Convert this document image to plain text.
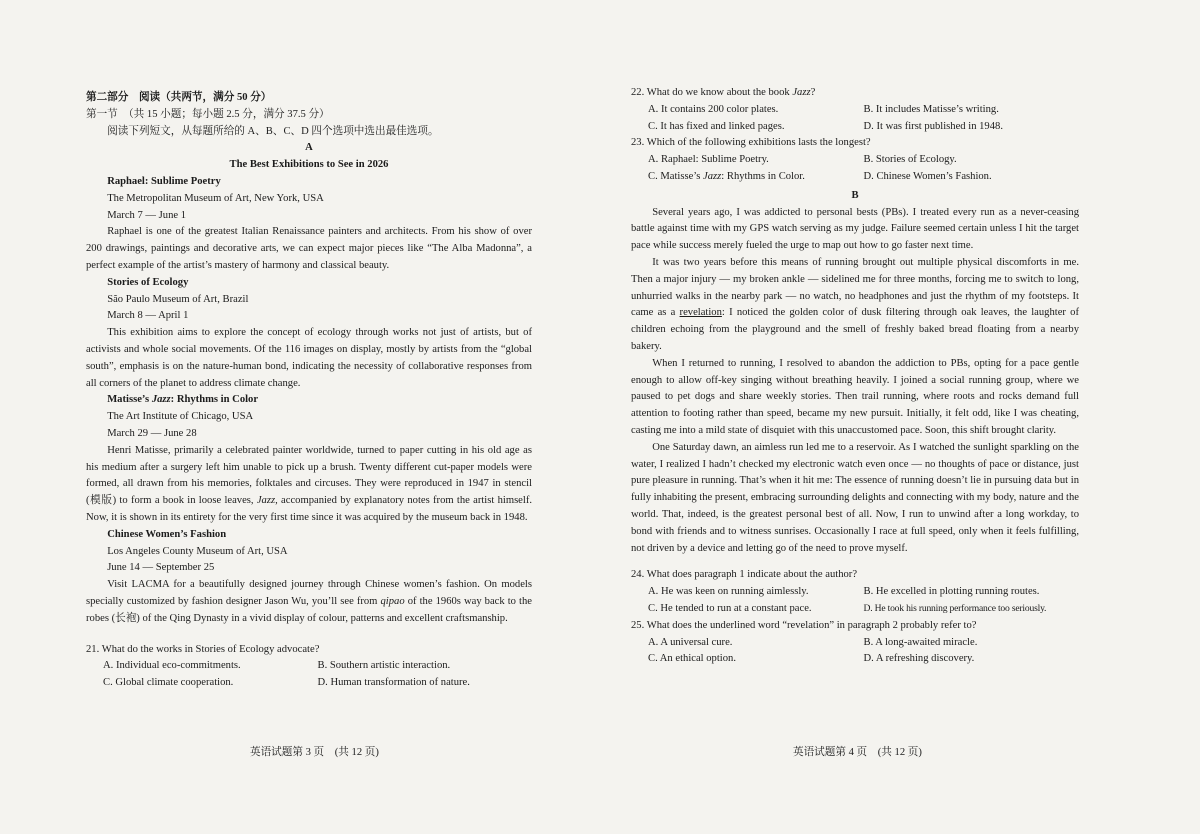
第二部分　阅读（共两节，满分 50 分）

第一节　（共 15 小题；每小题 2.5 分，满分 37.5 分）

阅读下列短文，从每题所给的 A、B、C、D 四个选项中选出最佳选项。

A

The Best Exhibitions to See in 2026

Raphael: Sublime Poetry

The Metropolitan Museum of Art, New York, USA

March 7 — June 1

Raphael is one of the greatest Italian Renaissance painters and architects. From his show of over 200 drawings, paintings and decorative arts, we can expect major pieces like “The Alba Madonna”, a perfect example of the artist’s mastery of harmony and classical beauty.

Stories of Ecology

São Paulo Museum of Art, Brazil

March 8 — April 1

This exhibition aims to explore the concept of ecology through works not just of artists, but of activists and whole social movements. Of the 116 images on display, mostly by artists from the “global south”, emphasis is on the nature-human bond, indicating the necessity of collaborative responses from all corners of the planet to address climate change.

Matisse’s Jazz: Rhythms in Color

The Art Institute of Chicago, USA

March 29 — June 28

Henri Matisse, primarily a celebrated painter worldwide, turned to paper cutting in his old age as his medium after a surgery left him unable to pick up a brush. Twenty different cut-paper models were formed, all drawn from his memories, folktales and circuses. They were reproduced in 1947 in stencil (模版) to form a book in loose leaves, Jazz, accompanied by explanatory notes from the artist himself. Now, it is shown in its entirety for the very first time since it was acquired by the museum back in 1948.

Chinese Women’s Fashion

Los Angeles County Museum of Art, USA

June 14 — September 25

Visit LACMA for a beautifully designed journey through Chinese women’s fashion. On models specially customized by fashion designer Jason Wu, you’ll see from qipao of the 1960s way back to the robes (长袍) of the Qing Dynasty in a vivid display of colour, patterns and excellent craftsmanship.

21. What do the works in Stories of Ecology advocate?

A. Individual eco-commitments.	B. Southern artistic interaction.
C. Global climate cooperation.	D. Human transformation of nature.
英语试题第 3 页　(共 12 页)

22. What do we know about the book Jazz?

A. It contains 200 color plates.	B. It includes Matisse’s writing.
C. It has fixed and linked pages.	D. It was first published in 1948.

23. Which of the following exhibitions lasts the longest?

A. Raphael: Sublime Poetry.	B. Stories of Ecology.
C. Matisse’s Jazz: Rhythms in Color.	D. Chinese Women’s Fashion.

B

Several years ago, I was addicted to personal bests (PBs). I treated every run as a never-ceasing battle against time with my GPS watch serving as my judge. Failure seemed certain unless I hit the target pace while success merely fueled the urge to map out how to go faster next time.

It was two years before this means of running brought out multiple physical discomforts in me. Then a major injury — my broken ankle — sidelined me for three months, forcing me to switch to long, unhurried walks in the nearby park — no watch, no headphones and just the rhythm of my footsteps. It came as a revelation: I noticed the golden color of dusk filtering through oak leaves, the laughter of children echoing from the playground and the smell of freshly baked bread floating from a nearby bakery.

When I returned to running, I resolved to abandon the addiction to PBs, opting for a pace gentle enough to allow off-key singing without breathing heavily. I joined a social running group, where we paused to pet dogs and share weekly stories. Then trail running, where roots and rocks demand full attention to footing rather than speed, became my new pursuit. Initially, it felt odd, like I was cheating, casting me into a mild state of disquiet with this unaccustomed pace. Soon, this shift brought clarity.

One Saturday dawn, an aimless run led me to a reservoir. As I watched the sunlight sparkling on the water, I realized I hadn’t checked my electronic watch even once — no thoughts of pace or distance, just pure pleasure in running. That’s when it hit me: The essence of running doesn’t lie in pursuing data but in fully inhabiting the present, embracing surrounding delights and connecting with my body, nature and the world. That, indeed, is the greatest personal best of all. Now, I run to unwind after a long workday, to bond with friends and to witness sunrises. Occasionally I race at full speed, only when it feels fulfilling, not driven by a device and letting go of the need to prove myself.

24. What does paragraph 1 indicate about the author?

A. He was keen on running aimlessly.	B. He excelled in plotting running routes.
C. He tended to run at a constant pace.	D. He took his running performance too seriously.

25. What does the underlined word “revelation” in paragraph 2 probably refer to?

A. A universal cure.	B. A long-awaited miracle.
C. An ethical option.	D. A refreshing discovery.
英语试题第 4 页　(共 12 页)
